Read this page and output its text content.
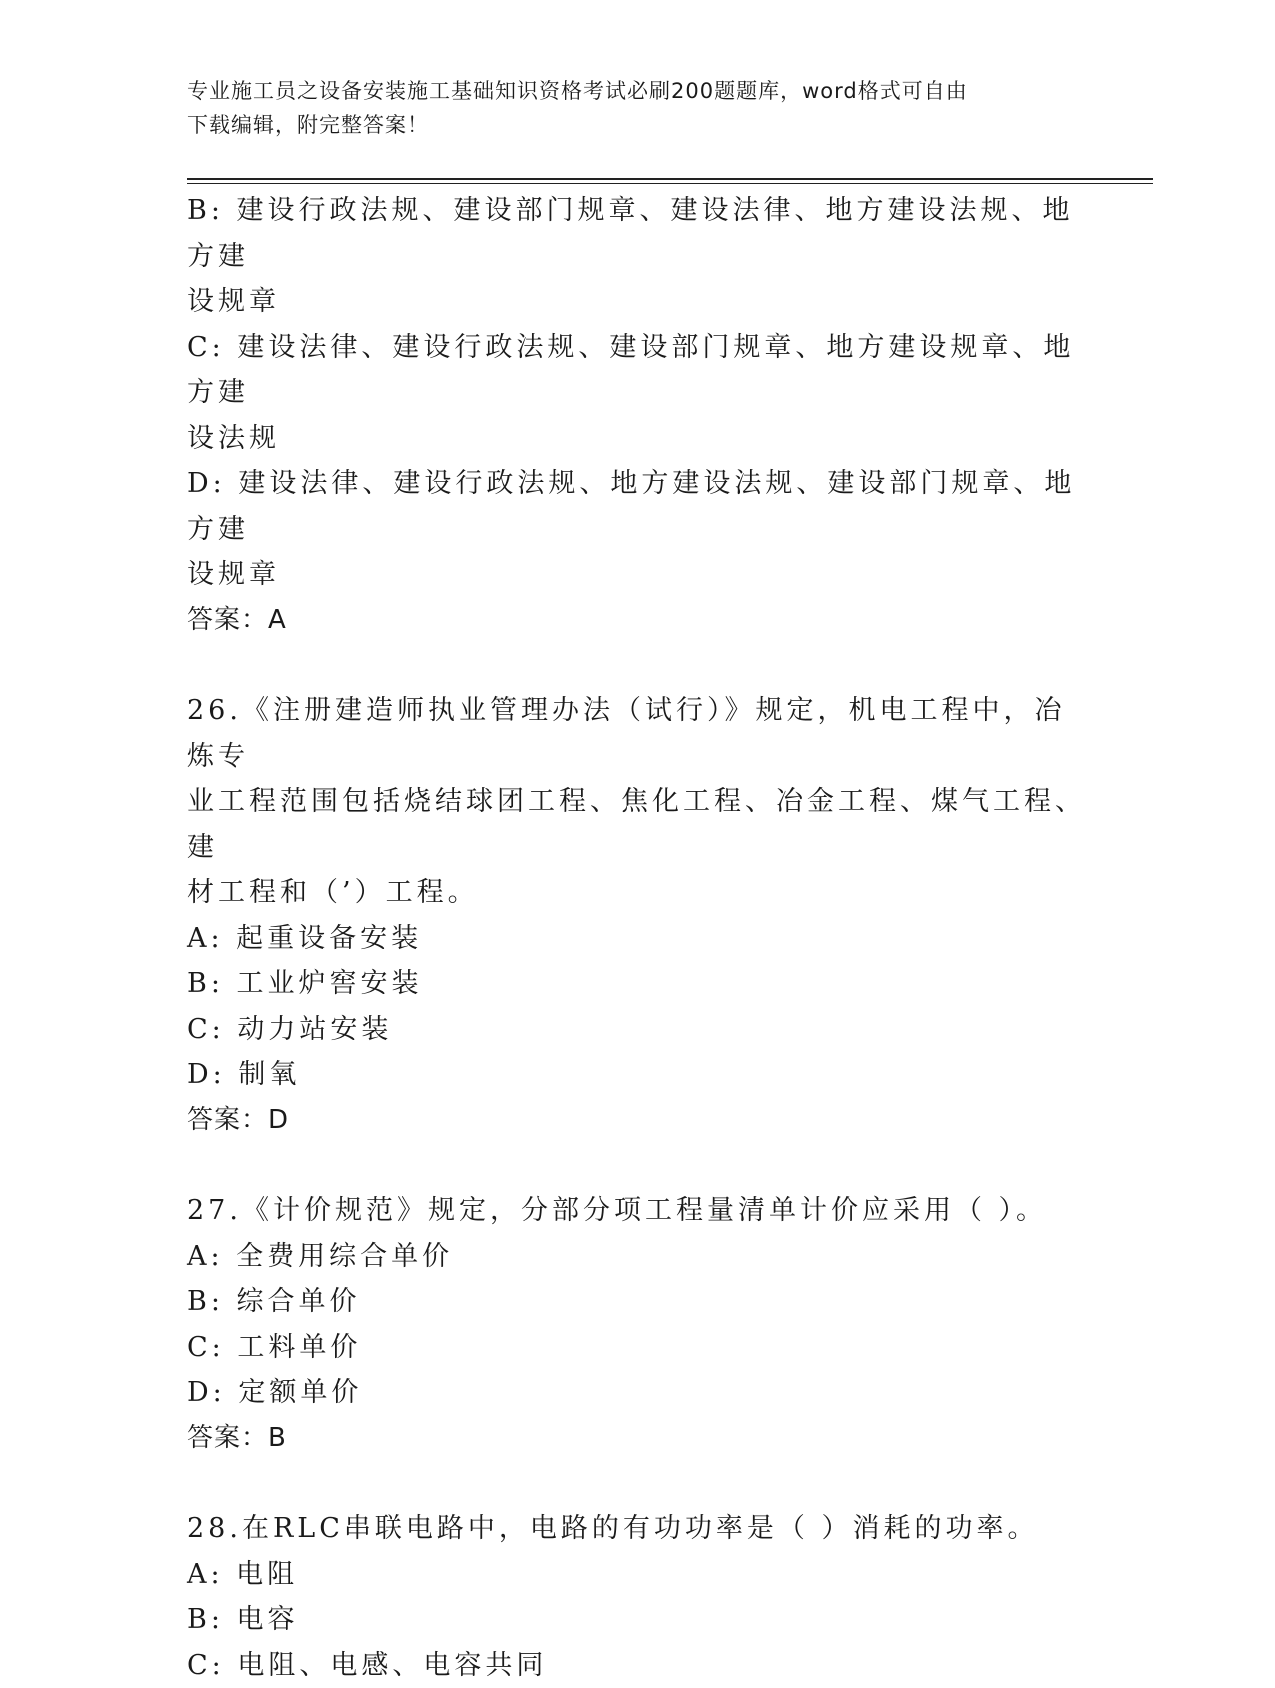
专业施工员之设备安装施工基础知识资格考试必刷200题题库，word格式可自由
下载编辑，附完整答案！

B: 建设行政法规、建设部门规章、建设法律、地方建设法规、地方建

设规章

C: 建设法律、建设行政法规、建设部门规章、地方建设规章、地方建

设法规

D: 建设法律、建设行政法规、地方建设法规、建设部门规章、地方建

设规章

答案：A

26.《注册建造师执业管理办法（试行）》规定，机电工程中，冶炼专

业工程范围包括烧结球团工程、焦化工程、冶金工程、煤气工程、建

材工程和（’）工程。

A: 起重设备安装

B: 工业炉窖安装

C: 动力站安装

D: 制氧

答案：D

27.《计价规范》规定，分部分项工程量清单计价应采用（ ）。

A: 全费用综合单价

B: 综合单价

C: 工料单价

D: 定额单价

答案：B

28.在RLC串联电路中，电路的有功功率是（ ）消耗的功率。

A: 电阻

B: 电容

C: 电阻、电感、电容共同
